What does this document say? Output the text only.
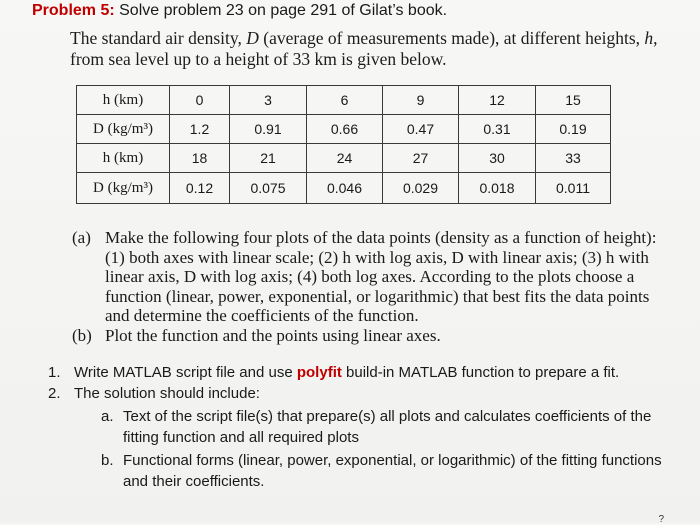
Problem 5: Solve problem 23 on page 291 of Gilat’s book.
The standard air density, D (average of measurements made), at different heights, h, from sea level up to a height of 33 km is given below.
h (km)	0	3	6	9	12	15
D (kg/m³)	1.2	0.91	0.66	0.47	0.31	0.19
h (km)	18	21	24	27	30	33
D (kg/m³)	0.12	0.075	0.046	0.029	0.018	0.011
(a) Make the following four plots of the data points (density as a function of height): (1) both axes with linear scale; (2) h with log axis, D with linear axis; (3) h with linear axis, D with log axis; (4) both log axes. According to the plots choose a function (linear, power, exponential, or logarithmic) that best fits the data points and determine the coefficients of the function.
(b) Plot the function and the points using linear axes.
1. Write MATLAB script file and use polyfit build-in MATLAB function to prepare a fit.
2. The solution should include:
a. Text of the script file(s) that prepare(s) all plots and calculates coefficients of the fitting function and all required plots
b. Functional forms (linear, power, exponential, or logarithmic) of the fitting functions and their coefficients.
?
